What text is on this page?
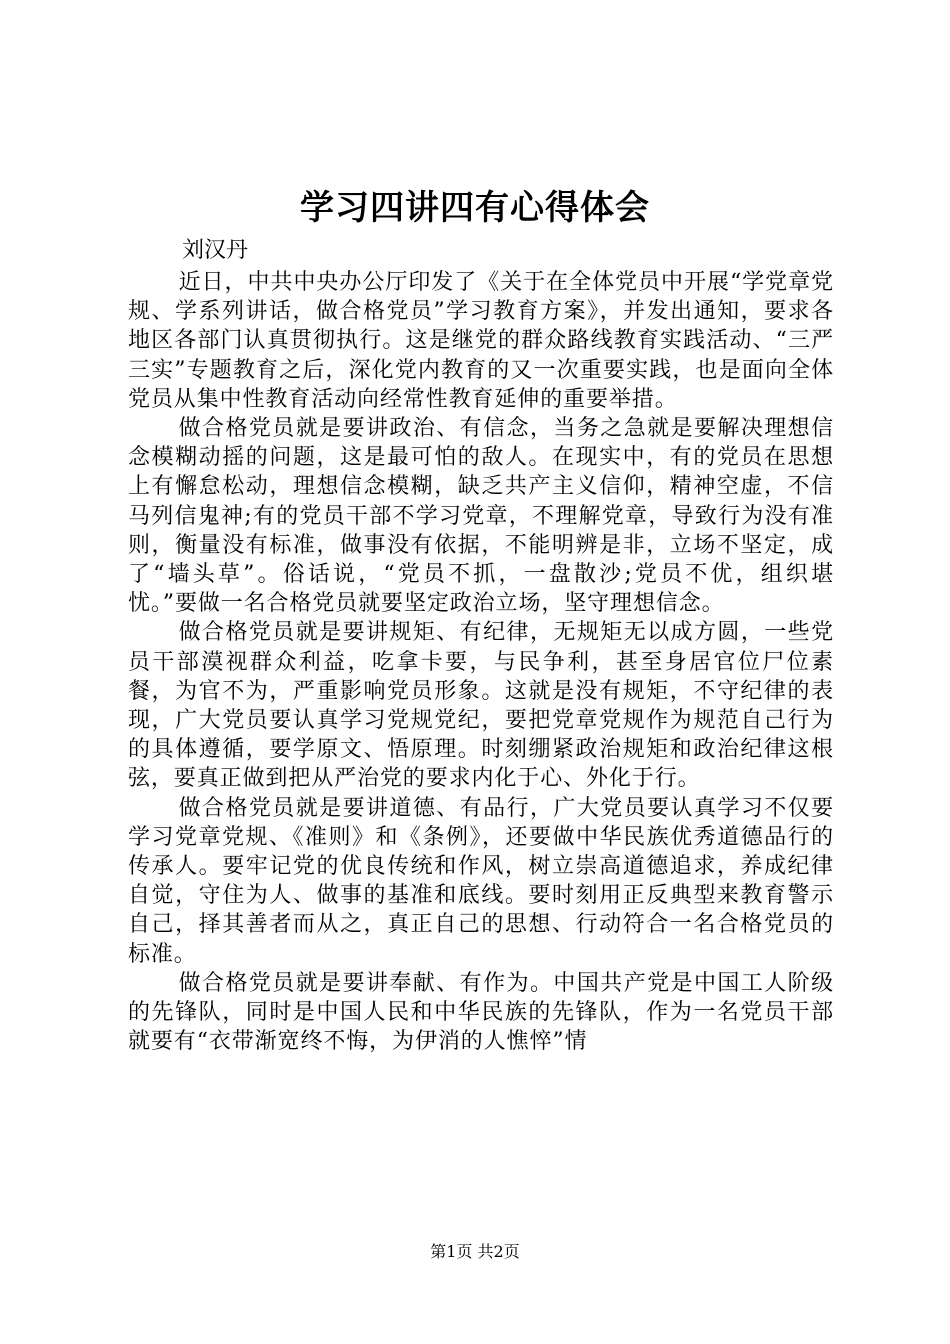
学习四讲四有心得体会
刘汉丹

近日，中共中央办公厅印发了《关于在全体党员中开展“学党章党规、学系列讲话，做合格党员”学习教育方案》，并发出通知，要求各地区各部门认真贯彻执行。这是继党的群众路线教育实践活动、“三严三实”专题教育之后，深化党内教育的又一次重要实践，也是面向全体党员从集中性教育活动向经常性教育延伸的重要举措。

做合格党员就是要讲政治、有信念，当务之急就是要解决理想信念模糊动摇的问题，这是最可怕的敌人。在现实中，有的党员在思想上有懈怠松动，理想信念模糊，缺乏共产主义信仰，精神空虚，不信马列信鬼神;有的党员干部不学习党章，不理解党章，导致行为没有准则，衡量没有标准，做事没有依据，不能明辨是非，立场不坚定，成了“墙头草”。俗话说，“党员不抓，一盘散沙;党员不优，组织堪忧。”要做一名合格党员就要坚定政治立场，坚守理想信念。

做合格党员就是要讲规矩、有纪律，无规矩无以成方圆，一些党员干部漠视群众利益，吃拿卡要，与民争利，甚至身居官位尸位素餐，为官不为，严重影响党员形象。这就是没有规矩，不守纪律的表现，广大党员要认真学习党规党纪，要把党章党规作为规范自己行为的具体遵循，要学原文、悟原理。时刻绷紧政治规矩和政治纪律这根弦，要真正做到把从严治党的要求内化于心、外化于行。

做合格党员就是要讲道德、有品行，广大党员要认真学习不仅要学习党章党规、《准则》和《条例》，还要做中华民族优秀道德品行的传承人。要牢记党的优良传统和作风，树立崇高道德追求，养成纪律自觉，守住为人、做事的基准和底线。要时刻用正反典型来教育警示自己，择其善者而从之，真正自己的思想、行动符合一名合格党员的标准。

做合格党员就是要讲奉献、有作为。中国共产党是中国工人阶级的先锋队，同时是中国人民和中华民族的先锋队，作为一名党员干部就要有“衣带渐宽终不悔，为伊消的人憔悴”情

第1页 共2页
